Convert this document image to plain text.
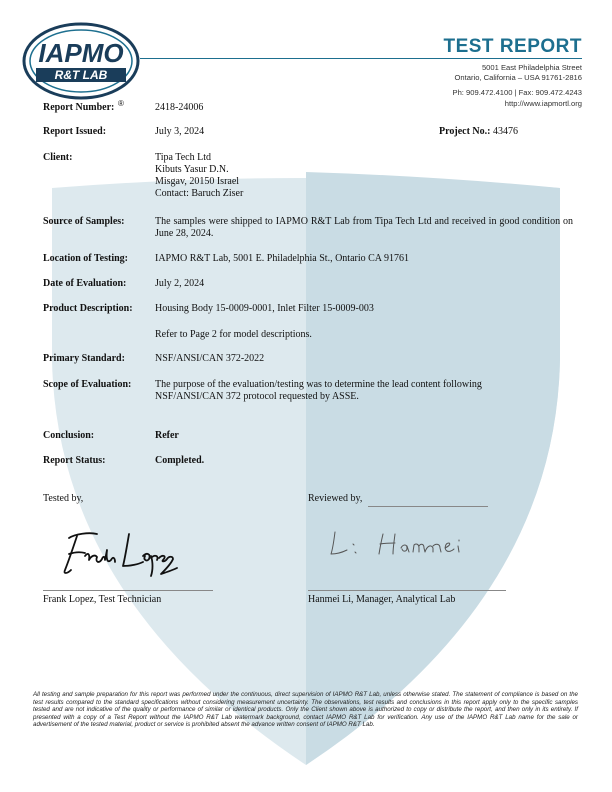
IAPMO
R&T LAB
®
TEST REPORT
5001 East Philadelphia Street
Ontario, California – USA 91761-2816

Ph: 909.472.4100 | Fax: 909.472.4243
http://www.iapmortl.org
Report Number:	2418-24006
Report Issued:	July 3, 2024	Project No.: 43476
Client:	Tipa Tech Ltd
Kibuts Yasur D.N.
Misgav, 20150 Israel
Contact: Baruch Ziser
Source of Samples:	The samples were shipped to IAPMO R&T Lab from Tipa Tech Ltd and received in good condition on June 28, 2024.
Location of Testing:	IAPMO R&T Lab, 5001 E. Philadelphia St., Ontario CA 91761
Date of Evaluation:	July 2, 2024
Product Description:	Housing Body 15-0009-0001, Inlet Filter 15-0009-003
Refer to Page 2 for model descriptions.
Primary Standard:	NSF/ANSI/CAN 372-2022
Scope of Evaluation:	The purpose of the evaluation/testing was to determine the lead content following NSF/ANSI/CAN 372 protocol requested by ASSE.
Conclusion:	Refer
Report Status:	Completed.
Tested by,	Reviewed by,
Frank Lopez, Test Technician	Hanmei Li, Manager, Analytical Lab
All testing and sample preparation for this report was performed under the continuous, direct supervision of IAPMO R&T Lab, unless otherwise stated. The statement of compliance is based on the test results compared to the standard specifications without considering measurement uncertainty. The observations, test results and conclusions in this report apply only to the specific samples tested and are not indicative of the quality or performance of similar or identical products. Only the Client shown above is authorized to copy or distribute the report, and then only in its entirety. If presented with a copy of a Test Report without the IAPMO R&T Lab watermark background, contact IAPMO R&T Lab for verification. Any use of the IAPMO R&T Lab name for the sale or advertisement of the tested material, product or service is prohibited absent the advance written consent of IAPMO R&T Lab.
